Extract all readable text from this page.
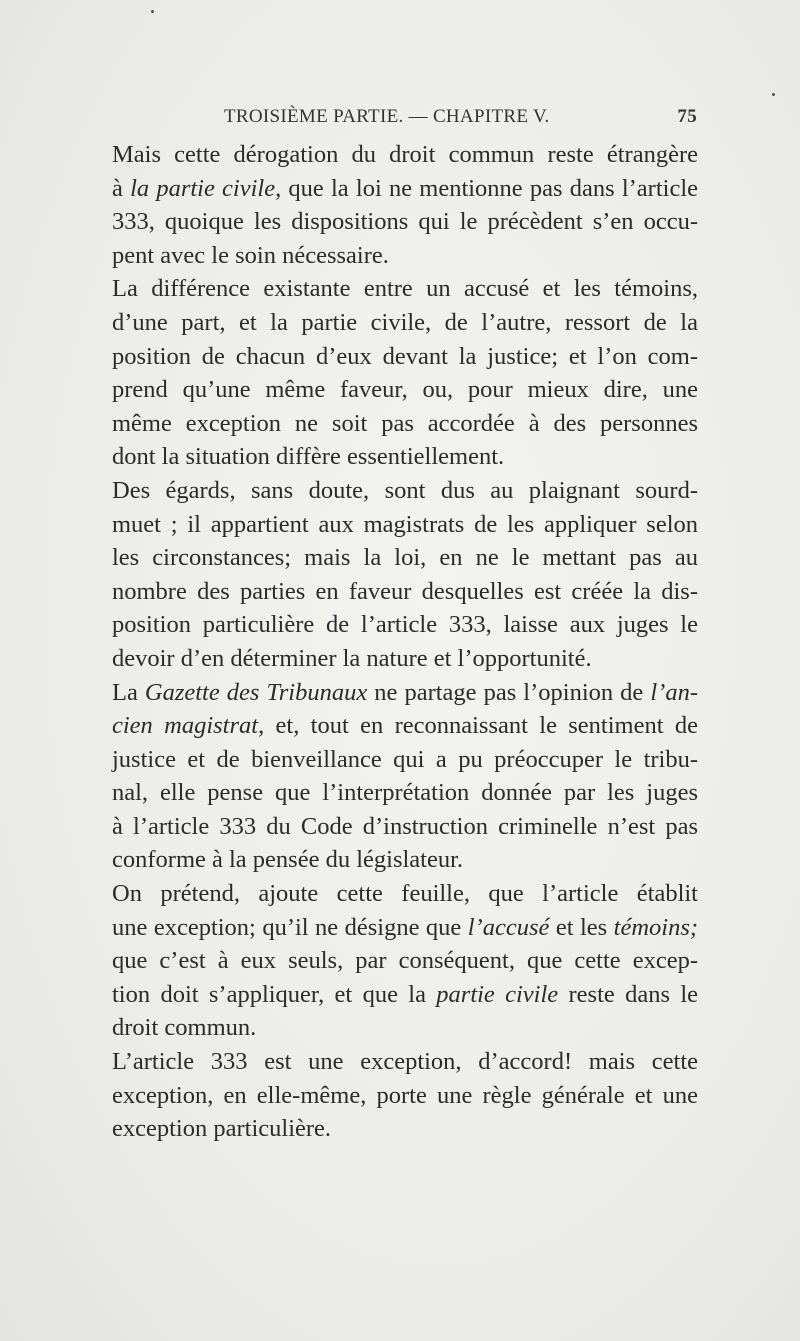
TROISIÈME PARTIE. — CHAPITRE V.	75
Mais cette dérogation du droit commun reste étrangère
à la partie civile, que la loi ne mentionne pas dans l’article
333, quoique les dispositions qui le précèdent s’en occu-
pent avec le soin nécessaire.
La différence existante entre un accusé et les témoins,
d’une part, et la partie civile, de l’autre, ressort de la
position de chacun d’eux devant la justice; et l’on com-
prend qu’une même faveur, ou, pour mieux dire, une
même exception ne soit pas accordée à des personnes
dont la situation diffère essentiellement.
Des égards, sans doute, sont dus au plaignant sourd-
muet ; il appartient aux magistrats de les appliquer selon
les circonstances; mais la loi, en ne le mettant pas au
nombre des parties en faveur desquelles est créée la dis-
position particulière de l’article 333, laisse aux juges le
devoir d’en déterminer la nature et l’opportunité.
La Gazette des Tribunaux ne partage pas l’opinion de l’an-
cien magistrat, et, tout en reconnaissant le sentiment de
justice et de bienveillance qui a pu préoccuper le tribu-
nal, elle pense que l’interprétation donnée par les juges
à l’article 333 du Code d’instruction criminelle n’est pas
conforme à la pensée du législateur.
On prétend, ajoute cette feuille, que l’article établit
une exception; qu’il ne désigne que l’accusé et les témoins;
que c’est à eux seuls, par conséquent, que cette excep-
tion doit s’appliquer, et que la partie civile reste dans le
droit commun.
L’article 333 est une exception, d’accord! mais cette
exception, en elle-même, porte une règle générale et une
exception particulière.
